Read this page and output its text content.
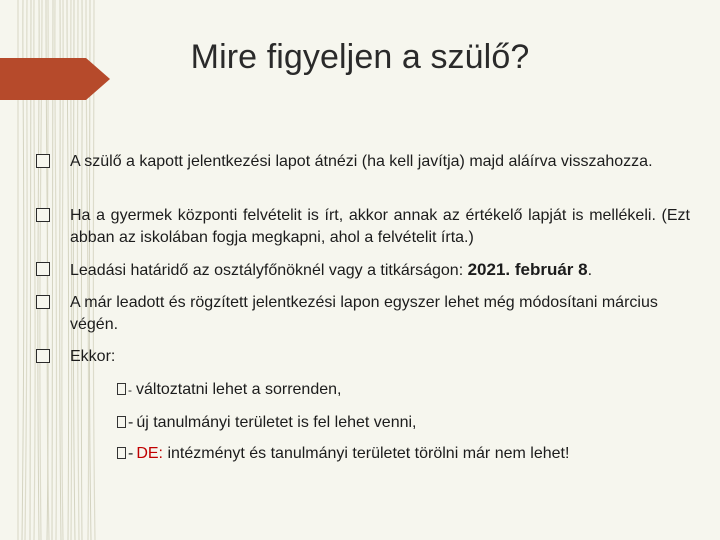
Mire figyeljen a szülő?
A szülő a kapott jelentkezési lapot átnézi (ha kell javítja) majd aláírva visszahozza.
Ha a gyermek központi felvételit is írt, akkor annak az értékelő lapját is mellékeli. (Ezt abban az iskolában fogja megkapni, ahol a felvételit írta.)
Leadási határidő az osztályfőnöknél vagy a titkárságon: 2021. február 8.
A már leadott és rögzített jelentkezési lapon egyszer lehet még módosítani március végén.
Ekkor:
- változtatni lehet a sorrenden,
- új tanulmányi területet is fel lehet venni,
- DE: intézményt és tanulmányi területet törölni már nem lehet!
